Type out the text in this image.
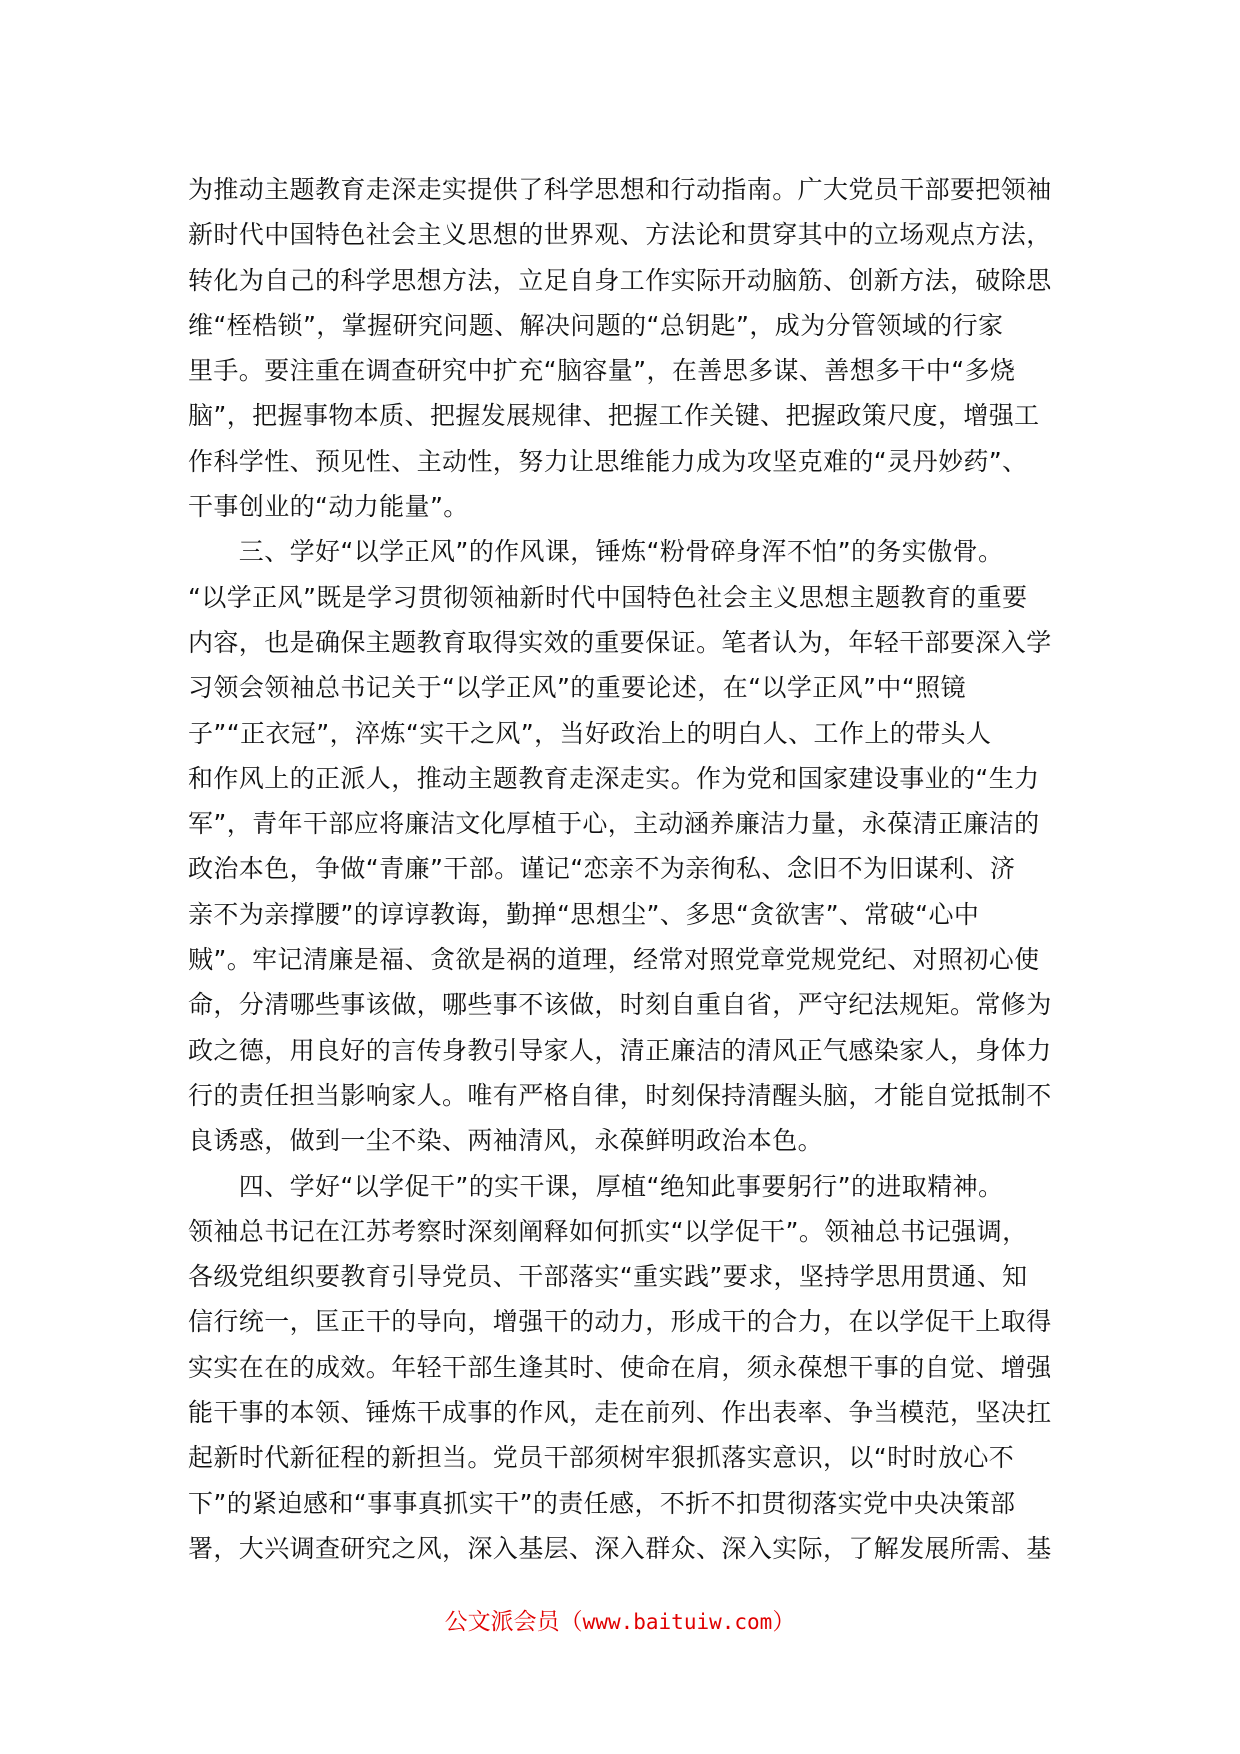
为推动主题教育走深走实提供了科学思想和行动指南。广大党员干部要把领袖
新时代中国特色社会主义思想的世界观、方法论和贯穿其中的立场观点方法，
转化为自己的科学思想方法，立足自身工作实际开动脑筋、创新方法，破除思
维“桎梏锁”，掌握研究问题、解决问题的“总钥匙”，成为分管领域的行家
里手。要注重在调查研究中扩充“脑容量”，在善思多谋、善想多干中“多烧
脑”，把握事物本质、把握发展规律、把握工作关键、把握政策尺度，增强工
作科学性、预见性、主动性，努力让思维能力成为攻坚克难的“灵丹妙药”、
干事创业的“动力能量”。
　　三、学好“以学正风”的作风课，锤炼“粉骨碎身浑不怕”的务实傲骨。
“以学正风”既是学习贯彻领袖新时代中国特色社会主义思想主题教育的重要
内容，也是确保主题教育取得实效的重要保证。笔者认为，年轻干部要深入学
习领会领袖总书记关于“以学正风”的重要论述，在“以学正风”中“照镜
子”“正衣冠”，淬炼“实干之风”，当好政治上的明白人、工作上的带头人
和作风上的正派人，推动主题教育走深走实。作为党和国家建设事业的“生力
军”，青年干部应将廉洁文化厚植于心，主动涵养廉洁力量，永葆清正廉洁的
政治本色，争做“青廉”干部。谨记“恋亲不为亲徇私、念旧不为旧谋利、济
亲不为亲撑腰”的谆谆教诲，勤掸“思想尘”、多思“贪欲害”、常破“心中
贼”。牢记清廉是福、贪欲是祸的道理，经常对照党章党规党纪、对照初心使
命，分清哪些事该做，哪些事不该做，时刻自重自省，严守纪法规矩。常修为
政之德，用良好的言传身教引导家人，清正廉洁的清风正气感染家人，身体力
行的责任担当影响家人。唯有严格自律，时刻保持清醒头脑，才能自觉抵制不
良诱惑，做到一尘不染、两袖清风，永葆鲜明政治本色。
　　四、学好“以学促干”的实干课，厚植“绝知此事要躬行”的进取精神。
领袖总书记在江苏考察时深刻阐释如何抓实“以学促干”。领袖总书记强调，
各级党组织要教育引导党员、干部落实“重实践”要求，坚持学思用贯通、知
信行统一，匡正干的导向，增强干的动力，形成干的合力，在以学促干上取得
实实在在的成效。年轻干部生逢其时、使命在肩，须永葆想干事的自觉、增强
能干事的本领、锤炼干成事的作风，走在前列、作出表率、争当模范，坚决扛
起新时代新征程的新担当。党员干部须树牢狠抓落实意识，以“时时放心不
下”的紧迫感和“事事真抓实干”的责任感，不折不扣贯彻落实党中央决策部
署，大兴调查研究之风，深入基层、深入群众、深入实际，了解发展所需、基
公文派会员（www.baituiw.com）
